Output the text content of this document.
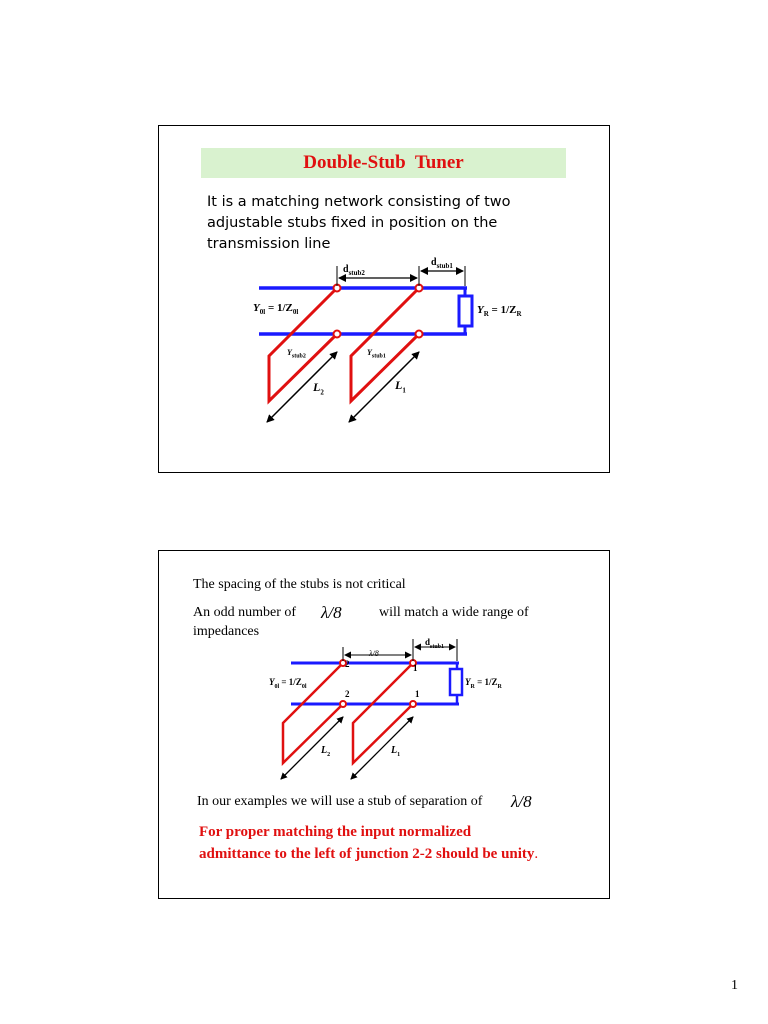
Double-Stub  Tuner
It is a matching network consisting of two
adjustable stubs fixed in position on the
transmission line
$d_{stub2}$
$d_{stub1}$
$Y_{0l} = 1/Z_{0l}$	$Y_R = 1/Z_R$
$Y_{stub2}$	$Y_{stub1}$
$L_2$
$L_1$
The spacing of the stubs is not critical
An odd number of λ/8	will match a wide range of
impedances
λ/8
$d_{stub1}$
2	1
2	1
$Y_{0l} = 1/Z_{0l}$	$Y_R = 1/Z_R$
$L_2$	$L_1$
In our examples we will use a stub of separation of λ/8
For proper matching the input normalized
admittance to the left of junction 2-2 should be unity.
1
